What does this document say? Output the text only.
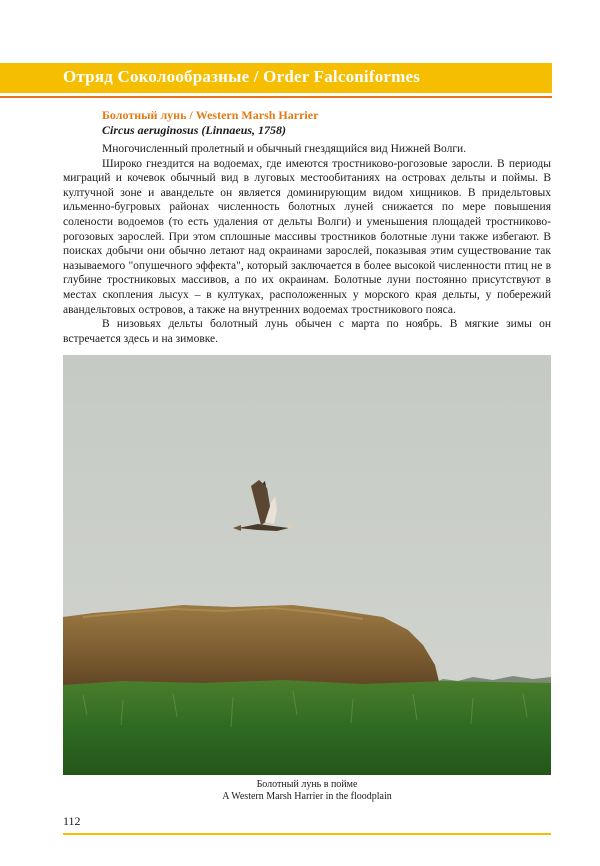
Отряд Соколообразные / Order Falconiformes
Болотный лунь / Western Marsh Harrier
Circus aeruginosus (Linnaeus, 1758)

Многочисленный пролетный и обычный гнездящийся вид Нижней Волги.

Широко гнездится на водоемах, где имеются тростниково-рогозовые заросли. В периоды миграций и кочевок обычный вид в луговых местообитаниях на островах дельты и поймы. В култучной зоне и авандельте он является доминирующим видом хищников. В придельтовых ильменно-бугровых районах численность болотных луней снижается по мере повышения солености водоемов (то есть удаления от дельты Волги) и уменьшения площадей тростниково-рогозовых зарослей. При этом сплошные массивы тростников болотные луни также избегают. В поисках добычи они обычно летают над окраинами зарослей, показывая этим существование так называемого "опушечного эффекта", который заключается в более высокой численности птиц не в глубине тростниковых массивов, а по их окраинам. Болотные луни постоянно присутствуют в местах скопления лысух – в култуках, расположенных у морского края дельты, у побережий авандельтовых островов, а также на внутренних водоемах тростникового пояса.

В низовьях дельты болотный лунь обычен с марта по ноябрь. В мягкие зимы он встречается здесь и на зимовке.

Болотный лунь в пойме
A Western Marsh Harrier in the floodplain
112
